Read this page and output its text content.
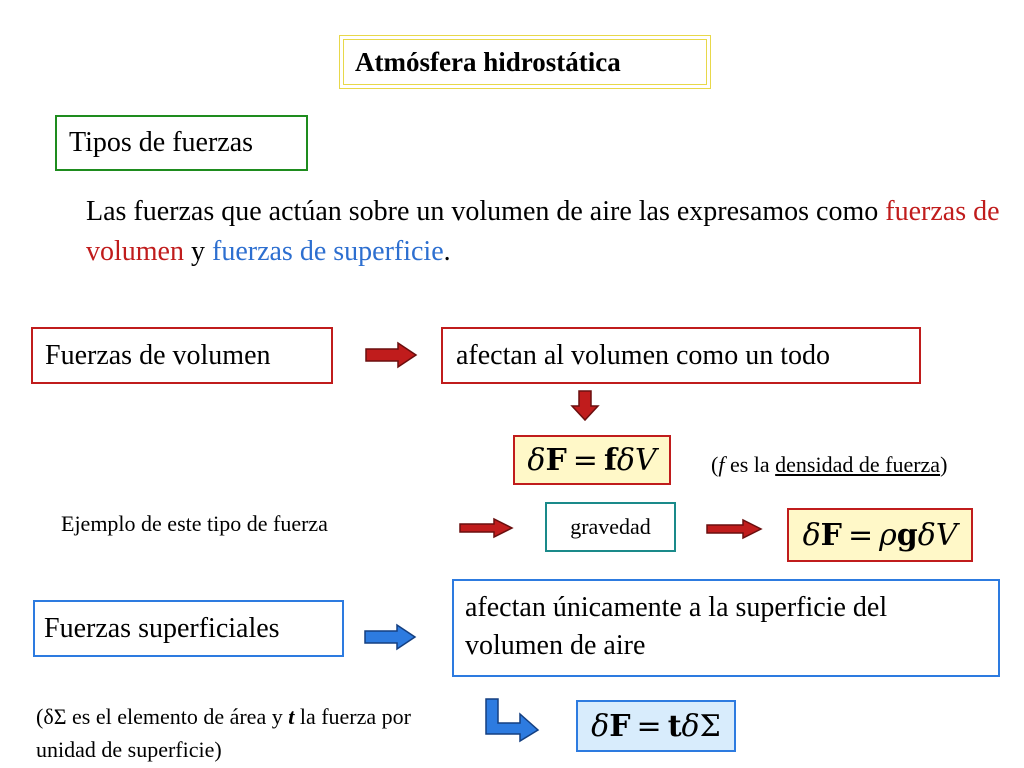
Atmósfera hidrostática
Tipos de fuerzas
Las fuerzas que actúan sobre un volumen de aire las expresamos como fuerzas de volumen y fuerzas de superficie.
Fuerzas de volumen	afectan al volumen como un todo
δ F = f δV (f es la densidad de fuerza)
Ejemplo de este tipo de fuerza	gravedad	δ F = ρ g δV
Fuerzas superficiales
afectan únicamente a la superficie del volumen de aire
(δΣ es el elemento de área y t la fuerza por unidad de superficie)
δ F = t δ Σ
